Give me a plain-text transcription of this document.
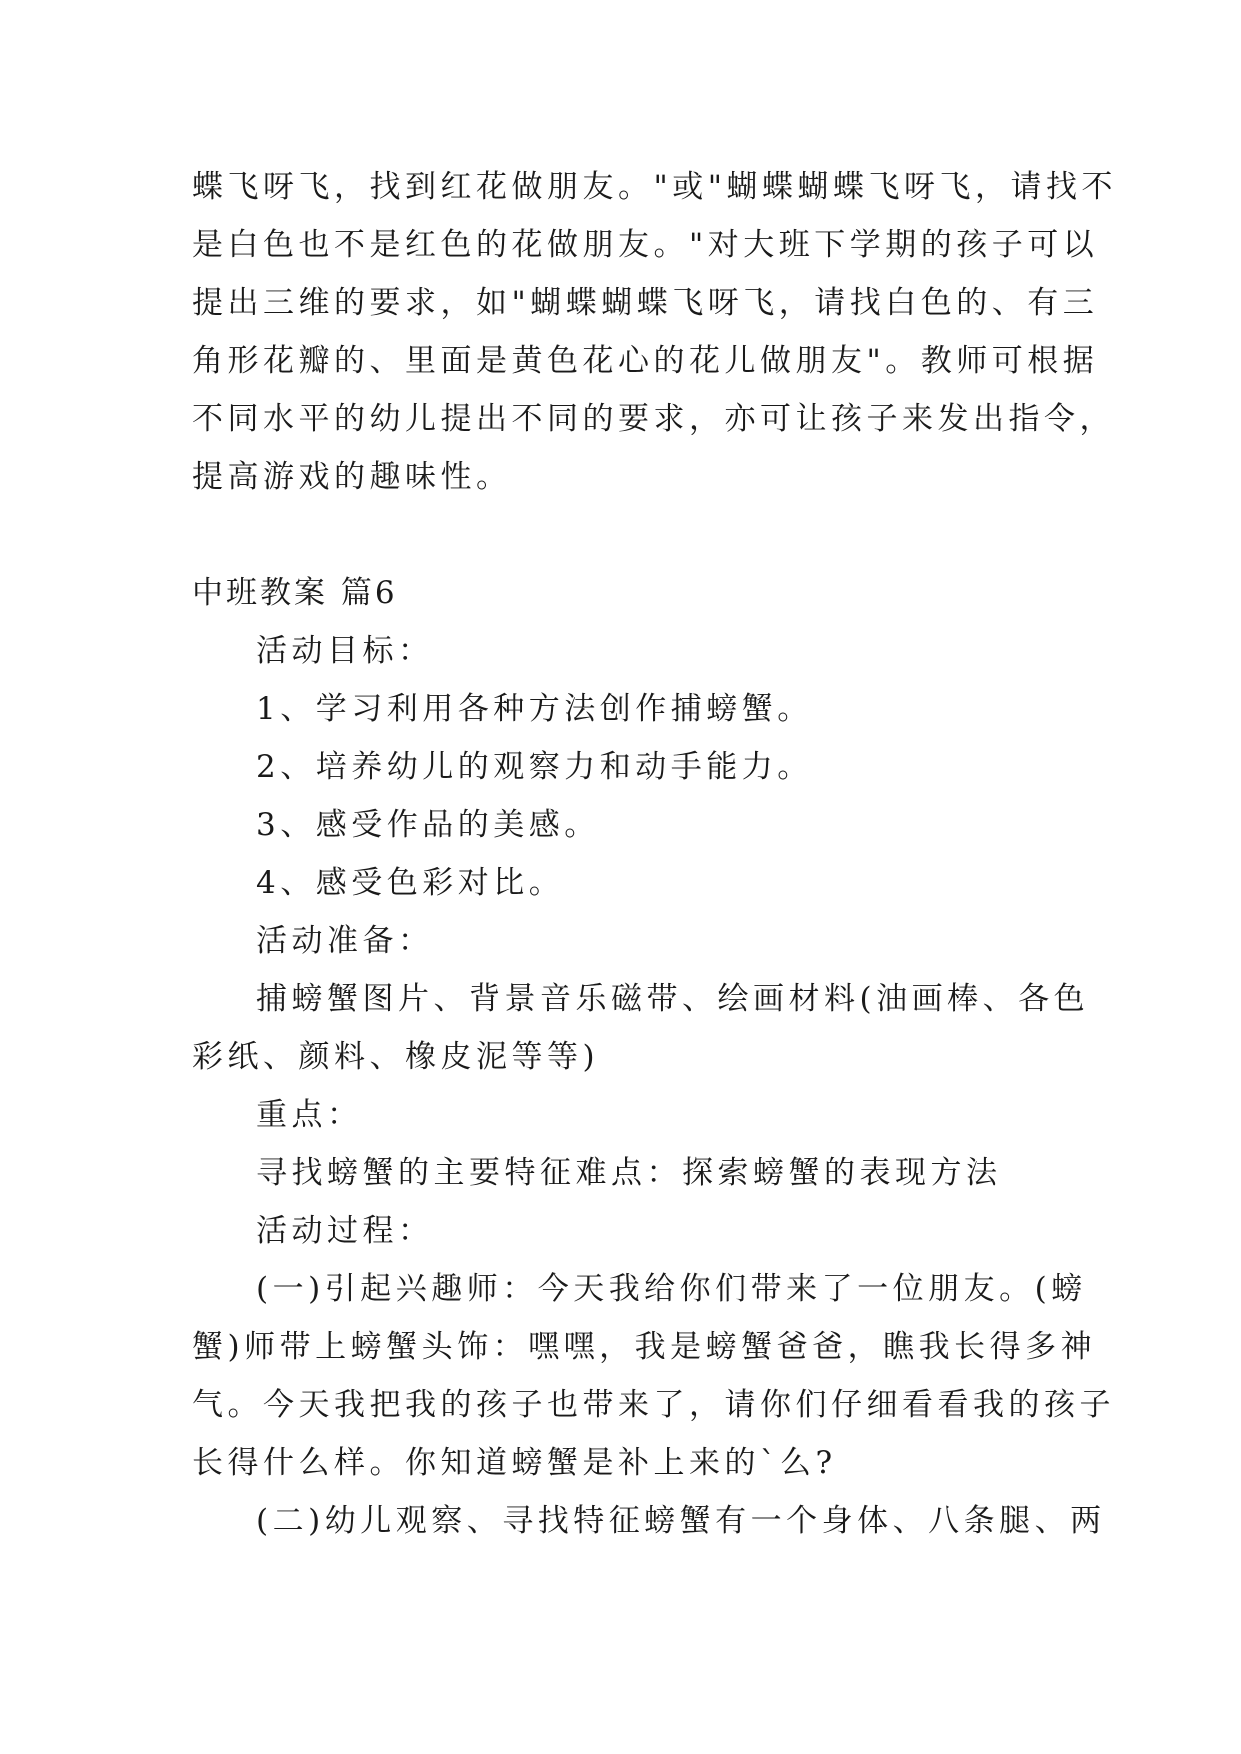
蝶飞呀飞，找到红花做朋友。"或"蝴蝶蝴蝶飞呀飞，请找不
是白色也不是红色的花做朋友。"对大班下学期的孩子可以
提出三维的要求，如"蝴蝶蝴蝶飞呀飞，请找白色的、有三
角形花瓣的、里面是黄色花心的花儿做朋友"。教师可根据
不同水平的幼儿提出不同的要求，亦可让孩子来发出指令，
提高游戏的趣味性。
中班教案 篇6
活动目标：
1、学习利用各种方法创作捕螃蟹。
2、培养幼儿的观察力和动手能力。
3、感受作品的美感。
4、感受色彩对比。
活动准备：
捕螃蟹图片、背景音乐磁带、绘画材料(油画棒、各色
彩纸、颜料、橡皮泥等等)
重点：
寻找螃蟹的主要特征难点：探索螃蟹的表现方法
活动过程：
(一)引起兴趣师：今天我给你们带来了一位朋友。(螃
蟹)师带上螃蟹头饰：嘿嘿，我是螃蟹爸爸，瞧我长得多神
气。今天我把我的孩子也带来了，请你们仔细看看我的孩子
长得什么样。你知道螃蟹是补上来的`么?
(二)幼儿观察、寻找特征螃蟹有一个身体、八条腿、两
